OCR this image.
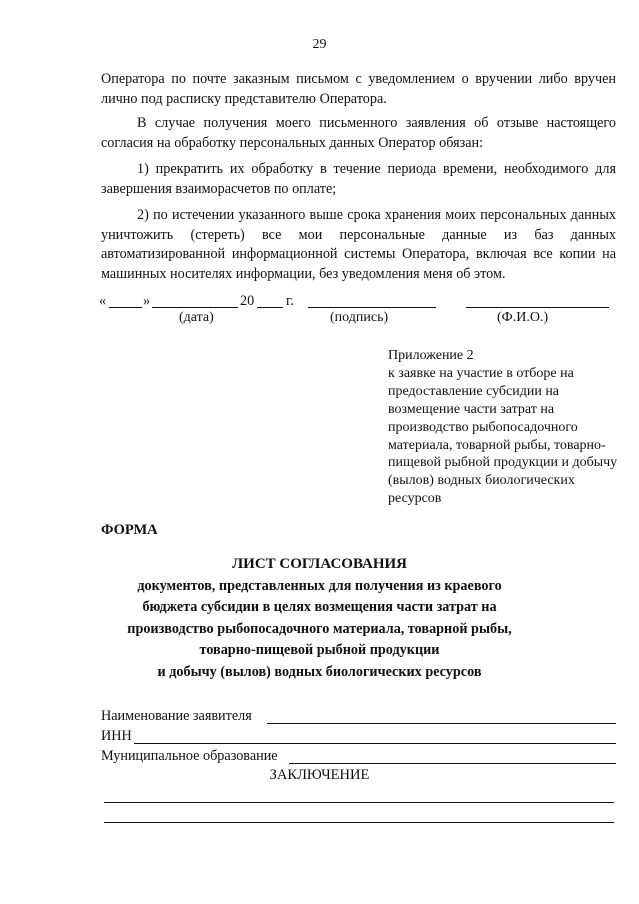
29
Оператора по почте заказным письмом с уведомлением о вручении либо вручен лично под расписку представителю Оператора.
В случае получения моего письменного заявления об отзыве настоящего согласия на обработку персональных данных Оператор обязан:
1) прекратить их обработку в течение периода времени, необходимого для завершения взаиморасчетов по оплате;
2) по истечении указанного выше срока хранения моих персональных данных уничтожить (стереть) все мои персональные данные из баз данных автоматизированной информационной системы Оператора, включая все копии на машинных носителях информации, без уведомления меня об этом.
«	»	20 г.
(дата)	(подпись)	(Ф.И.О.)
Приложение 2
к заявке на участие в отборе на предоставление субсидии на возмещение части затрат на производство рыбопосадочного материала, товарной рыбы, товарно-пищевой рыбной продукции и добычу (вылов) водных биологических ресурсов
ФОРМА
ЛИСТ СОГЛАСОВАНИЯ
документов, представленных для получения из краевого
бюджета субсидии в целях возмещения части затрат на
производство рыбопосадочного материала, товарной рыбы,
товарно-пищевой рыбной продукции
и добычу (вылов) водных биологических ресурсов
Наименование заявителя
ИНН
Муниципальное образование
ЗАКЛЮЧЕНИЕ
